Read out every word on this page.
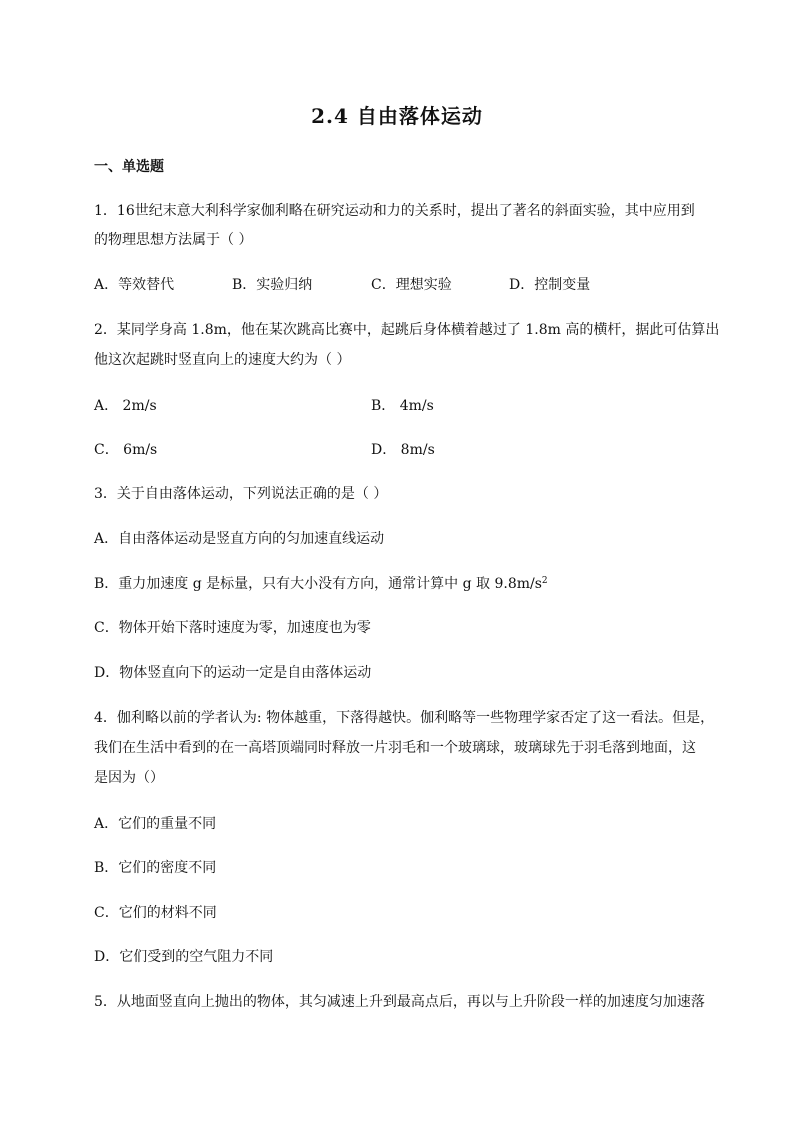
2.4 自由落体运动
一、单选题
1．16世纪末意大利科学家伽利略在研究运动和力的关系时，提出了著名的斜面实验，其中应用到
的物理思想方法属于（ ）
A．等效替代	B．实验归纳	C．理想实验	D．控制变量
2．某同学身高 1.8m，他在某次跳高比赛中，起跳后身体横着越过了 1.8m 高的横杆，据此可估算出
他这次起跳时竖直向上的速度大约为（ ）
A． 2m/s	B． 4m/s
C． 6m/s	D． 8m/s
3．关于自由落体运动，下列说法正确的是（ ）
A．自由落体运动是竖直方向的匀加速直线运动
B．重力加速度 g 是标量，只有大小没有方向，通常计算中 g 取 $9.8m/s^2$
C．物体开始下落时速度为零，加速度也为零
D．物体竖直向下的运动一定是自由落体运动
4．伽利略以前的学者认为: 物体越重，下落得越快。伽利略等一些物理学家否定了这一看法。但是，
我们在生活中看到的在一高塔顶端同时释放一片羽毛和一个玻璃球，玻璃球先于羽毛落到地面，这
是因为（）
A．它们的重量不同
B．它们的密度不同
C．它们的材料不同
D．它们受到的空气阻力不同
5．从地面竖直向上抛出的物体，其匀减速上升到最高点后，再以与上升阶段一样的加速度匀加速落
